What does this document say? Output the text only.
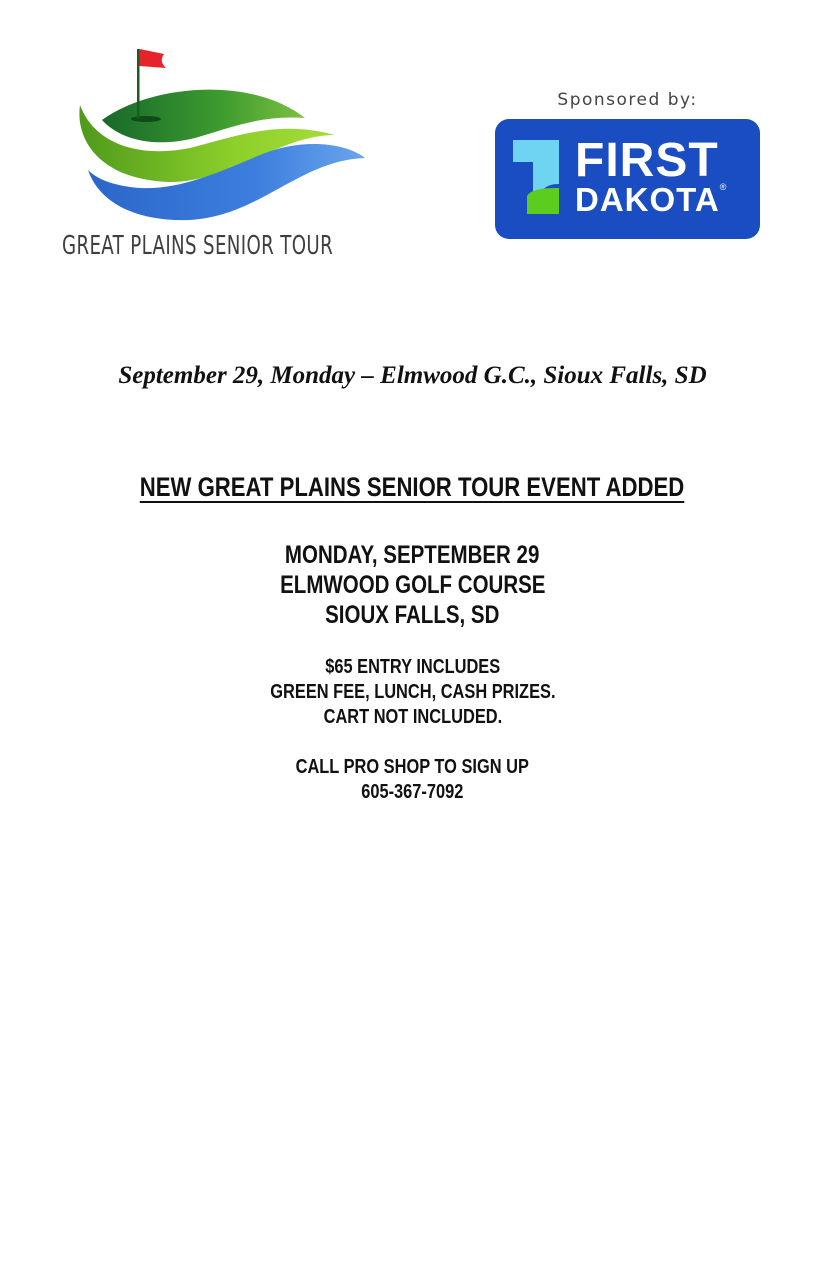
GREAT PLAINS SENIOR TOUR
Sponsored by:
FIRST
DAKOTA®

September 29, Monday – Elmwood G.C., Sioux Falls, SD

NEW GREAT PLAINS SENIOR TOUR EVENT ADDED
MONDAY, SEPTEMBER 29
ELMWOOD GOLF COURSE
SIOUX FALLS, SD
$65 ENTRY INCLUDES
GREEN FEE, LUNCH, CASH PRIZES.
CART NOT INCLUDED.
CALL PRO SHOP TO SIGN UP
605-367-7092
